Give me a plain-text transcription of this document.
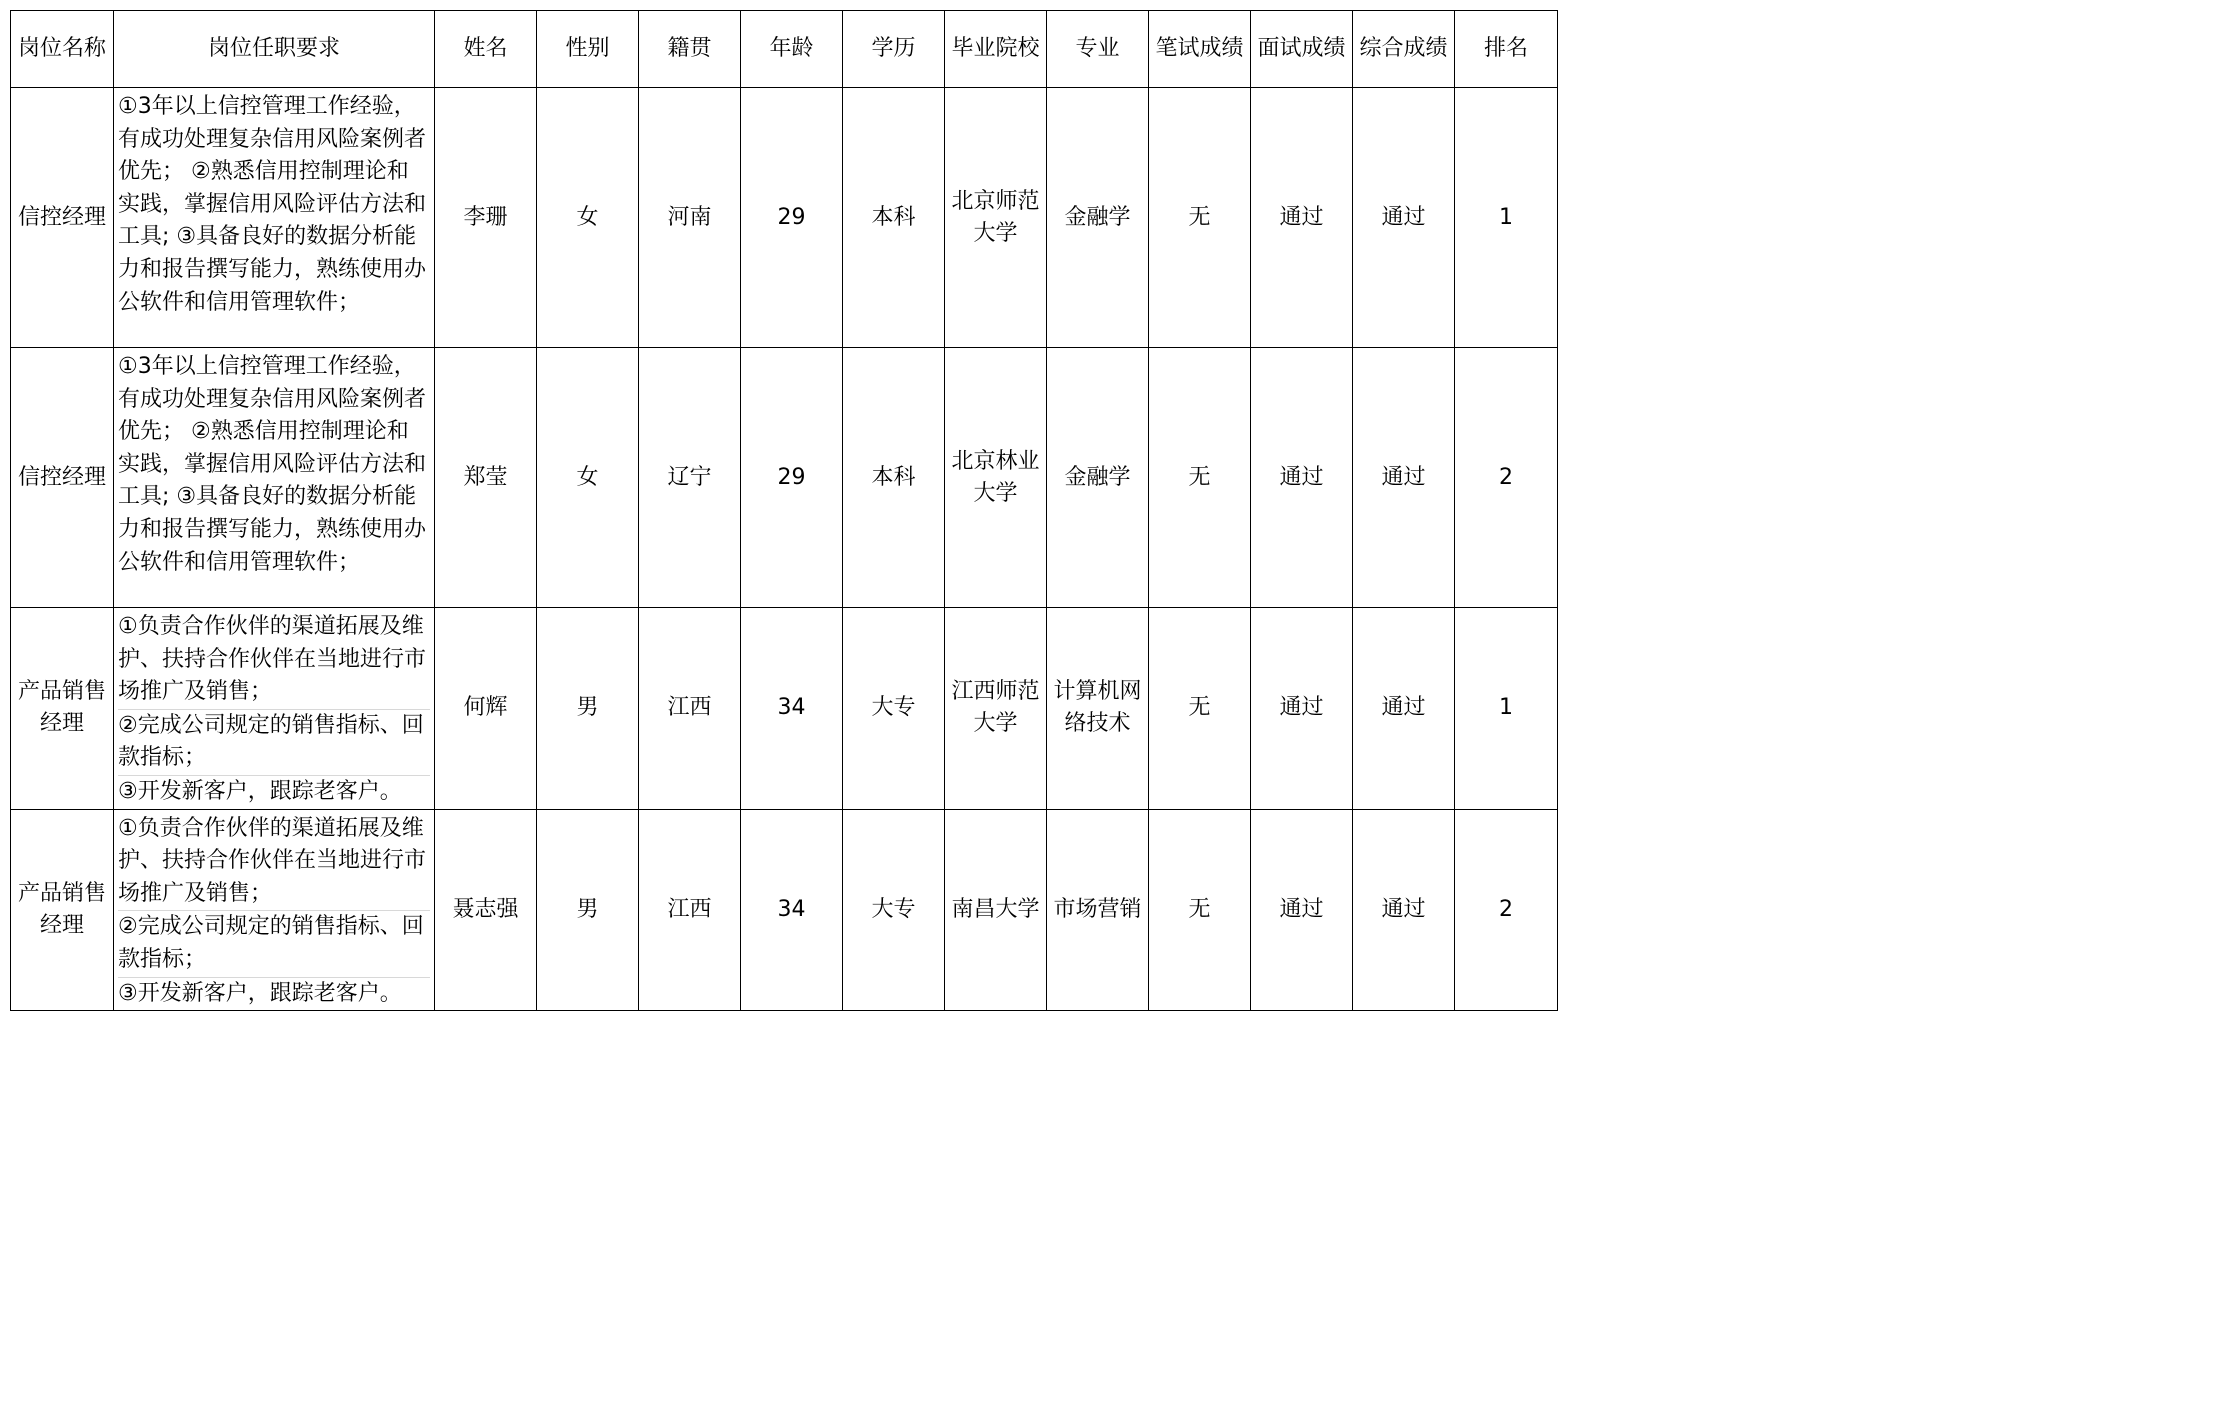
岗位名称	岗位任职要求	姓名	性别	籍贯	年龄	学历	毕业院校	专业	笔试成绩	面试成绩	综合成绩	排名
信控经理	①3年以上信控管理工作经验，有成功处理复杂信用风险案例者优先； ②熟悉信用控制理论和实践，掌握信用风险评估方法和工具; ③具备良好的数据分析能力和报告撰写能力，熟练使用办公软件和信用管理软件；	李珊	女	河南	29	本科	北京师范大学	金融学	无	通过	通过	1
信控经理	①3年以上信控管理工作经验，有成功处理复杂信用风险案例者优先； ②熟悉信用控制理论和实践，掌握信用风险评估方法和工具; ③具备良好的数据分析能力和报告撰写能力，熟练使用办公软件和信用管理软件；	郑莹	女	辽宁	29	本科	北京林业大学	金融学	无	通过	通过	2
产品销售经理	①负责合作伙伴的渠道拓展及维护、扶持合作伙伴在当地进行市场推广及销售；
②完成公司规定的销售指标、回款指标；
③开发新客户，跟踪老客户。	何辉	男	江西	34	大专	江西师范大学	计算机网络技术	无	通过	通过	1
产品销售经理	①负责合作伙伴的渠道拓展及维护、扶持合作伙伴在当地进行市场推广及销售；
②完成公司规定的销售指标、回款指标；
③开发新客户，跟踪老客户。	聂志强	男	江西	34	大专	南昌大学	市场营销	无	通过	通过	2
